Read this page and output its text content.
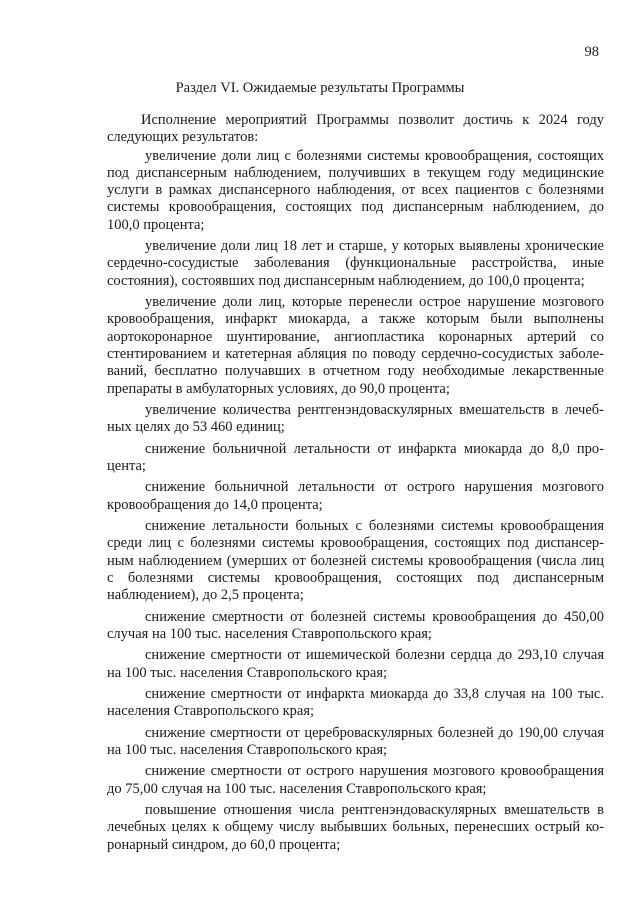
98
Раздел VI. Ожидаемые результаты Программы

Исполнение мероприятий Программы позволит достичь к 2024 году следующих результатов:

увеличение доли лиц с болезнями системы кровообращения, состоящих под диспансерным наблюдением, получивших в текущем году медицинские услуги в рамках диспансерного наблюдения, от всех пациентов с болезнями системы кровообращения, состоящих под диспансерным наблюдением, до 100,0 процента;

увеличение доли лиц 18 лет и старше, у которых выявлены хронические сердечно-сосудистые заболевания (функциональные расстройства, иные состояния), состоявших под диспансерным наблюдением, до 100,0 процента;

увеличение доли лиц, которые перенесли острое нарушение мозгового кровообращения, инфаркт миокарда, а также которым были выполнены аортокоронарное шунтирование, ангиопластика коронарных артерий со стентированием и катетерная абляция по поводу сердечно-сосудистых заболеваний, бесплатно получавших в отчетном году необходимые лекарственные препараты в амбулаторных условиях, до 90,0 процента;

увеличение количества рентгенэндоваскулярных вмешательств в лечебных целях до 53 460 единиц;

снижение больничной летальности от инфаркта миокарда до 8,0 процента;

снижение больничной летальности от острого нарушения мозгового кровообращения до 14,0 процента;

снижение летальности больных с болезнями системы кровообращения среди лиц с болезнями системы кровообращения, состоящих под диспансерным наблюдением (умерших от болезней системы кровообращения (числа лиц с болезнями системы кровообращения, состоящих под диспансерным наблюдением), до 2,5 процента;

снижение смертности от болезней системы кровообращения до 450,00 случая на 100 тыс. населения Ставропольского края;

снижение смертности от ишемической болезни сердца до 293,10 случая на 100 тыс. населения Ставропольского края;

снижение смертности от инфаркта миокарда до 33,8 случая на 100 тыс. населения Ставропольского края;

снижение смертности от цереброваскулярных болезней до 190,00 случая на 100 тыс. населения Ставропольского края;

снижение смертности от острого нарушения мозгового кровообращения до 75,00 случая на 100 тыс. населения Ставропольского края;

повышение отношения числа рентгенэндоваскулярных вмешательств в лечебных целях к общему числу выбывших больных, перенесших острый коронарный синдром, до 60,0 процента;
